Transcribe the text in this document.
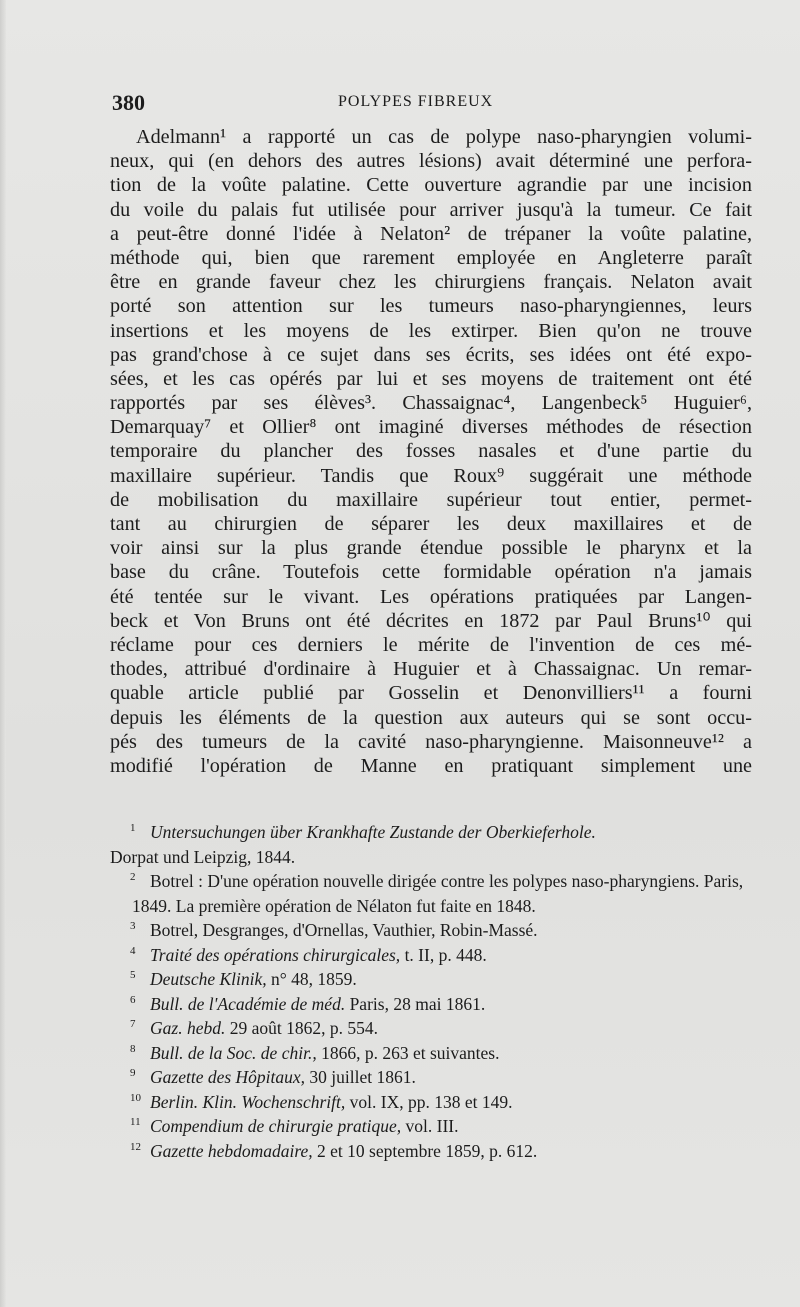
380	POLYPES FIBREUX
Adelmann¹ a rapporté un cas de polype naso-pharyngien volumi-
neux, qui (en dehors des autres lésions) avait déterminé une perfora-
tion de la voûte palatine. Cette ouverture agrandie par une incision
du voile du palais fut utilisée pour arriver jusqu'à la tumeur. Ce fait
a peut-être donné l'idée à Nelaton² de trépaner la voûte palatine,
méthode qui, bien que rarement employée en Angleterre paraît
être en grande faveur chez les chirurgiens français. Nelaton avait
porté son attention sur les tumeurs naso-pharyngiennes, leurs
insertions et les moyens de les extirper. Bien qu'on ne trouve
pas grand'chose à ce sujet dans ses écrits, ses idées ont été expo-
sées, et les cas opérés par lui et ses moyens de traitement ont été
rapportés par ses élèves³. Chassaignac⁴, Langenbeck⁵ Huguier⁶,
Demarquay⁷ et Ollier⁸ ont imaginé diverses méthodes de résection
temporaire du plancher des fosses nasales et d'une partie du
maxillaire supérieur. Tandis que Roux⁹ suggérait une méthode
de mobilisation du maxillaire supérieur tout entier, permet-
tant au chirurgien de séparer les deux maxillaires et de
voir ainsi sur la plus grande étendue possible le pharynx et la
base du crâne. Toutefois cette formidable opération n'a jamais
été tentée sur le vivant. Les opérations pratiquées par Langen-
beck et Von Bruns ont été décrites en 1872 par Paul Bruns¹⁰ qui
réclame pour ces derniers le mérite de l'invention de ces mé-
thodes, attribué d'ordinaire à Huguier et à Chassaignac. Un remar-
quable article publié par Gosselin et Denonvilliers¹¹ a fourni
depuis les éléments de la question aux auteurs qui se sont occu-
pés des tumeurs de la cavité naso-pharyngienne. Maisonneuve¹² a
modifié l'opération de Manne en pratiquant simplement une
1 Untersuchungen über Krankhafte Zustande der Oberkieferhole.
Dorpat und Leipzig, 1844.
2 Botrel : D'une opération nouvelle dirigée contre les polypes naso-pharyngiens. Paris, 1849. La première opération de Nélaton fut faite en 1848.
3 Botrel, Desgranges, d'Ornellas, Vauthier, Robin-Massé.
4 Traité des opérations chirurgicales, t. II, p. 448.
5 Deutsche Klinik, n° 48, 1859.
6 Bull. de l'Académie de méd. Paris, 28 mai 1861.
7 Gaz. hebd. 29 août 1862, p. 554.
8 Bull. de la Soc. de chir., 1866, p. 263 et suivantes.
9 Gazette des Hôpitaux, 30 juillet 1861.
10 Berlin. Klin. Wochenschrift, vol. IX, pp. 138 et 149.
11 Compendium de chirurgie pratique, vol. III.
12 Gazette hebdomadaire, 2 et 10 septembre 1859, p. 612.
